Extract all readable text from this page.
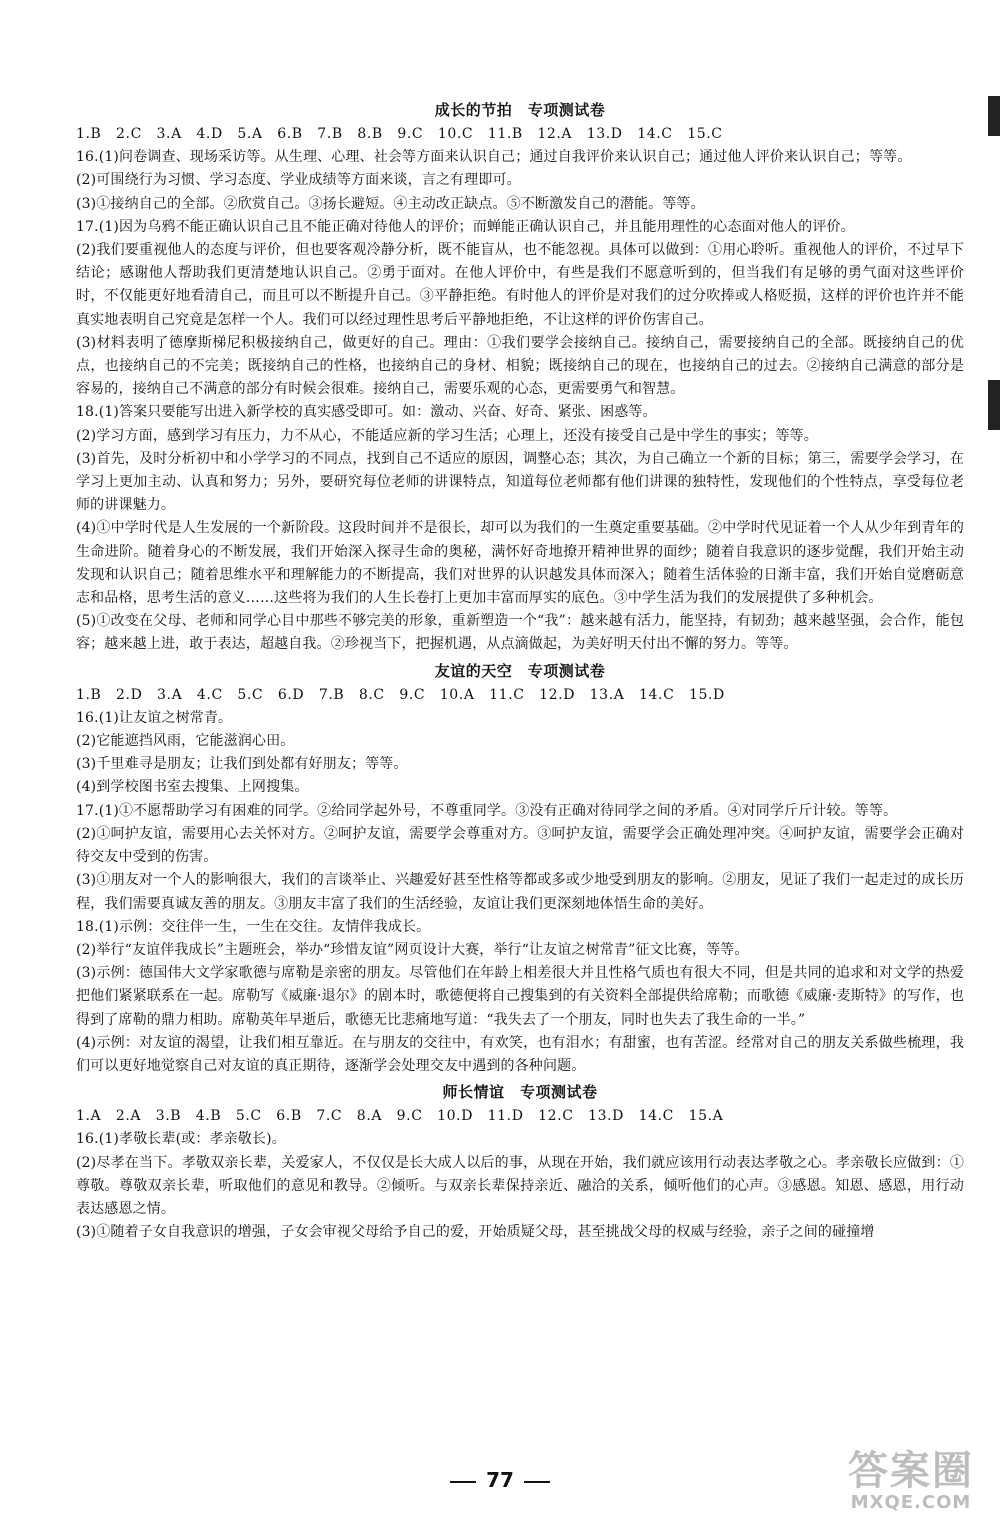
成长的节拍　专项测试卷
1.B　2.C　3.A　4.D　5.A　6.B　7.B　8.B　9.C　10.C　11.B　12.A　13.D　14.C　15.C
16.(1)问卷调查、现场采访等。从生理、心理、社会等方面来认识自己；通过自我评价来认识自己；通过他人评价来认识自己；等等。
(2)可围绕行为习惯、学习态度、学业成绩等方面来谈，言之有理即可。
(3)①接纳自己的全部。②欣赏自己。③扬长避短。④主动改正缺点。⑤不断激发自己的潜能。等等。
17.(1)因为乌鸦不能正确认识自己且不能正确对待他人的评价；而蝉能正确认识自己，并且能用理性的心态面对他人的评价。
(2)我们要重视他人的态度与评价，但也要客观冷静分析，既不能盲从，也不能忽视。具体可以做到：①用心聆听。重视他人的评价，不过早下结论；感谢他人帮助我们更清楚地认识自己。②勇于面对。在他人评价中，有些是我们不愿意听到的，但当我们有足够的勇气面对这些评价时，不仅能更好地看清自己，而且可以不断提升自己。③平静拒绝。有时他人的评价是对我们的过分吹捧或人格贬损，这样的评价也许并不能真实地表明自己究竟是怎样一个人。我们可以经过理性思考后平静地拒绝，不让这样的评价伤害自己。
(3)材料表明了德摩斯梯尼积极接纳自己，做更好的自己。理由：①我们要学会接纳自己。接纳自己，需要接纳自己的全部。既接纳自己的优点，也接纳自己的不完美；既接纳自己的性格，也接纳自己的身材、相貌；既接纳自己的现在，也接纳自己的过去。②接纳自己满意的部分是容易的，接纳自己不满意的部分有时候会很难。接纳自己，需要乐观的心态，更需要勇气和智慧。
18.(1)答案只要能写出进入新学校的真实感受即可。如：激动、兴奋、好奇、紧张、困惑等。
(2)学习方面，感到学习有压力，力不从心，不能适应新的学习生活；心理上，还没有接受自己是中学生的事实；等等。
(3)首先，及时分析初中和小学学习的不同点，找到自己不适应的原因，调整心态；其次，为自己确立一个新的目标；第三，需要学会学习，在学习上更加主动、认真和努力；另外，要研究每位老师的讲课特点，知道每位老师都有他们讲课的独特性，发现他们的个性特点，享受每位老师的讲课魅力。
(4)①中学时代是人生发展的一个新阶段。这段时间并不是很长，却可以为我们的一生奠定重要基础。②中学时代见证着一个人从少年到青年的生命进阶。随着身心的不断发展，我们开始深入探寻生命的奥秘，满怀好奇地撩开精神世界的面纱；随着自我意识的逐步觉醒，我们开始主动发现和认识自己；随着思维水平和理解能力的不断提高，我们对世界的认识越发具体而深入；随着生活体验的日渐丰富，我们开始自觉磨砺意志和品格，思考生活的意义……这些将为我们的人生长卷打上更加丰富而厚实的底色。③中学生活为我们的发展提供了多种机会。
(5)①改变在父母、老师和同学心目中那些不够完美的形象，重新塑造一个“我”：越来越有活力，能坚持，有韧劲；越来越坚强，会合作，能包容；越来越上进，敢于表达，超越自我。②珍视当下，把握机遇，从点滴做起，为美好明天付出不懈的努力。等等。
友谊的天空　专项测试卷
1.B　2.D　3.A　4.C　5.C　6.D　7.B　8.C　9.C　10.A　11.C　12.D　13.A　14.C　15.D
16.(1)让友谊之树常青。
(2)它能遮挡风雨，它能滋润心田。
(3)千里难寻是朋友；让我们到处都有好朋友；等等。
(4)到学校图书室去搜集、上网搜集。
17.(1)①不愿帮助学习有困难的同学。②给同学起外号，不尊重同学。③没有正确对待同学之间的矛盾。④对同学斤斤计较。等等。
(2)①呵护友谊，需要用心去关怀对方。②呵护友谊，需要学会尊重对方。③呵护友谊，需要学会正确处理冲突。④呵护友谊，需要学会正确对待交友中受到的伤害。
(3)①朋友对一个人的影响很大，我们的言谈举止、兴趣爱好甚至性格等都或多或少地受到朋友的影响。②朋友，见证了我们一起走过的成长历程，我们需要真诚友善的朋友。③朋友丰富了我们的生活经验，友谊让我们更深刻地体悟生命的美好。
18.(1)示例：交往伴一生，一生在交往。友情伴我成长。
(2)举行“友谊伴我成长”主题班会，举办“珍惜友谊”网页设计大赛，举行“让友谊之树常青”征文比赛，等等。
(3)示例：德国伟大文学家歌德与席勒是亲密的朋友。尽管他们在年龄上相差很大并且性格气质也有很大不同，但是共同的追求和对文学的热爱把他们紧紧联系在一起。席勒写《威廉·退尔》的剧本时，歌德便将自己搜集到的有关资料全部提供给席勒；而歌德《威廉·麦斯特》的写作，也得到了席勒的鼎力相助。席勒英年早逝后，歌德无比悲痛地写道：“我失去了一个朋友，同时也失去了我生命的一半。”
(4)示例：对友谊的渴望，让我们相互靠近。在与朋友的交往中，有欢笑，也有泪水；有甜蜜，也有苦涩。经常对自己的朋友关系做些梳理，我们可以更好地觉察自己对友谊的真正期待，逐渐学会处理交友中遇到的各种问题。
师长情谊　专项测试卷
1.A　2.A　3.B　4.B　5.C　6.B　7.C　8.A　9.C　10.D　11.D　12.C　13.D　14.C　15.A
16.(1)孝敬长辈(或：孝亲敬长)。
(2)尽孝在当下。孝敬双亲长辈，关爱家人，不仅仅是长大成人以后的事，从现在开始，我们就应该用行动表达孝敬之心。孝亲敬长应做到：①尊敬。尊敬双亲长辈，听取他们的意见和教导。②倾听。与双亲长辈保持亲近、融洽的关系，倾听他们的心声。③感恩。知恩、感恩，用行动表达感恩之情。
(3)①随着子女自我意识的增强，子女会审视父母给予自己的爱，开始质疑父母，甚至挑战父母的权威与经验，亲子之间的碰撞增
77	答案圈
MXQE.COM
